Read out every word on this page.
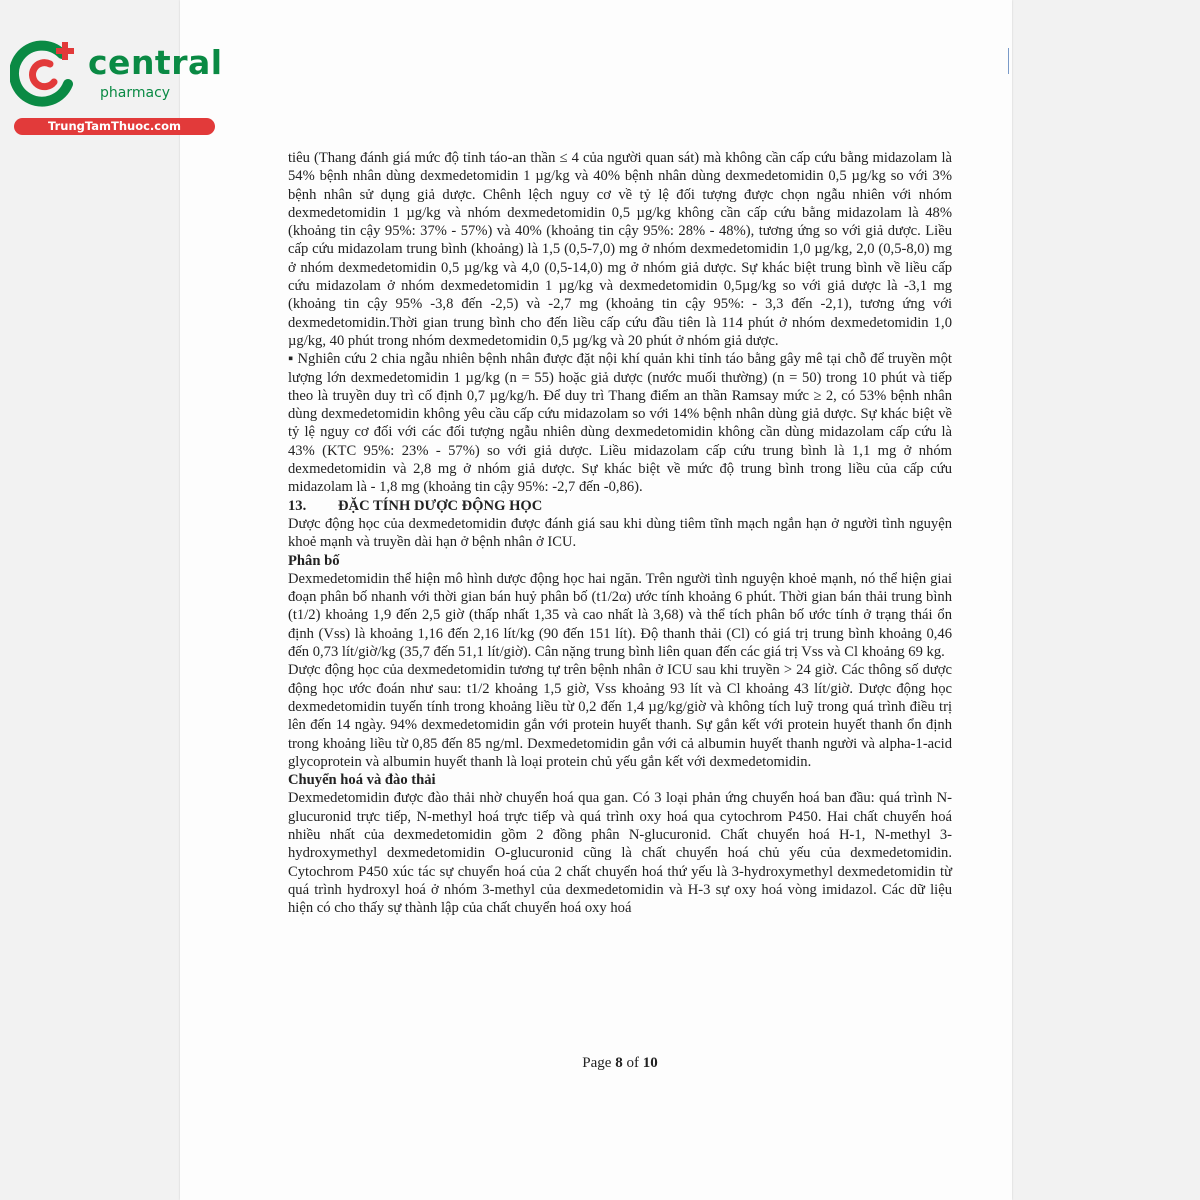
central
pharmacy
TrungTamThuoc.com

tiêu (Thang đánh giá mức độ tỉnh táo-an thần ≤ 4 của người quan sát) mà không cần cấp cứu bằng midazolam là 54% bệnh nhân dùng dexmedetomidin 1 µg/kg và 40% bệnh nhân dùng dexmedetomidin 0,5 µg/kg so với 3% bệnh nhân sử dụng giả dược. Chênh lệch nguy cơ về tỷ lệ đối tượng được chọn ngẫu nhiên với nhóm dexmedetomidin 1 µg/kg và nhóm dexmedetomidin 0,5 µg/kg không cần cấp cứu bằng midazolam là 48% (khoảng tin cậy 95%: 37% - 57%) và 40% (khoảng tin cậy 95%: 28% - 48%), tương ứng so với giả dược. Liều cấp cứu midazolam trung bình (khoảng) là 1,5 (0,5-7,0) mg ở nhóm dexmedetomidin 1,0 µg/kg, 2,0 (0,5-8,0) mg ở nhóm dexmedetomidin 0,5 µg/kg và 4,0 (0,5-14,0) mg ở nhóm giả dược. Sự khác biệt trung bình về liều cấp cứu midazolam ở nhóm dexmedetomidin 1 µg/kg và dexmedetomidin 0,5µg/kg so với giả dược là -3,1 mg (khoảng tin cậy 95% -3,8 đến -2,5) và -2,7 mg (khoảng tin cậy 95%: - 3,3 đến -2,1), tương ứng với dexmedetomidin.Thời gian trung bình cho đến liều cấp cứu đầu tiên là 114 phút ở nhóm dexmedetomidin 1,0 µg/kg, 40 phút trong nhóm dexmedetomidin 0,5 µg/kg và 20 phút ở nhóm giả dược.

▪ Nghiên cứu 2 chia ngẫu nhiên bệnh nhân được đặt nội khí quản khi tỉnh táo bằng gây mê tại chỗ để truyền một lượng lớn dexmedetomidin 1 µg/kg (n = 55) hoặc giả dược (nước muối thường) (n = 50) trong 10 phút và tiếp theo là truyền duy trì cố định 0,7 µg/kg/h. Để duy trì Thang điểm an thần Ramsay mức ≥ 2, có 53% bệnh nhân dùng dexmedetomidin không yêu cầu cấp cứu midazolam so với 14% bệnh nhân dùng giả dược. Sự khác biệt về tỷ lệ nguy cơ đối với các đối tượng ngẫu nhiên dùng dexmedetomidin không cần dùng midazolam cấp cứu là 43% (KTC 95%: 23% - 57%) so với giả dược. Liều midazolam cấp cứu trung bình là 1,1 mg ở nhóm dexmedetomidin và 2,8 mg ở nhóm giả dược. Sự khác biệt về mức độ trung bình trong liều của cấp cứu midazolam là - 1,8 mg (khoảng tin cậy 95%: -2,7 đến -0,86).

13. ĐẶC TÍNH DƯỢC ĐỘNG HỌC

Dược động học của dexmedetomidin được đánh giá sau khi dùng tiêm tĩnh mạch ngắn hạn ở người tình nguyện khoẻ mạnh và truyền dài hạn ở bệnh nhân ở ICU.

Phân bố

Dexmedetomidin thể hiện mô hình dược động học hai ngăn. Trên người tình nguyện khoẻ mạnh, nó thể hiện giai đoạn phân bố nhanh với thời gian bán huỷ phân bố (t1/2α) ước tính khoảng 6 phút. Thời gian bán thải trung bình (t1/2) khoảng 1,9 đến 2,5 giờ (thấp nhất 1,35 và cao nhất là 3,68) và thể tích phân bố ước tính ở trạng thái ổn định (Vss) là khoảng 1,16 đến 2,16 lít/kg (90 đến 151 lít). Độ thanh thải (Cl) có giá trị trung bình khoảng 0,46 đến 0,73 lít/giờ/kg (35,7 đến 51,1 lít/giờ). Cân nặng trung bình liên quan đến các giá trị Vss và Cl khoảng 69 kg.

Dược động học của dexmedetomidin tương tự trên bệnh nhân ở ICU sau khi truyền > 24 giờ. Các thông số dược động học ước đoán như sau: t1/2 khoảng 1,5 giờ, Vss khoảng 93 lít và Cl khoảng 43 lít/giờ. Dược động học dexmedetomidin tuyến tính trong khoảng liều từ 0,2 đến 1,4 µg/kg/giờ và không tích luỹ trong quá trình điều trị lên đến 14 ngày. 94% dexmedetomidin gắn với protein huyết thanh. Sự gắn kết với protein huyết thanh ổn định trong khoảng liều từ 0,85 đến 85 ng/ml. Dexmedetomidin gắn với cả albumin huyết thanh người và alpha-1-acid glycoprotein và albumin huyết thanh là loại protein chủ yếu gắn kết với dexmedetomidin.

Chuyển hoá và đào thải

Dexmedetomidin được đào thải nhờ chuyển hoá qua gan. Có 3 loại phản ứng chuyển hoá ban đầu: quá trình N-glucuronid trực tiếp, N-methyl hoá trực tiếp và quá trình oxy hoá qua cytochrom P450. Hai chất chuyển hoá nhiều nhất của dexmedetomidin gồm 2 đồng phân N-glucuronid. Chất chuyển hoá H-1, N-methyl 3-hydroxymethyl dexmedetomidin O-glucuronid cũng là chất chuyển hoá chủ yếu của dexmedetomidin. Cytochrom P450 xúc tác sự chuyển hoá của 2 chất chuyển hoá thứ yếu là 3-hydroxymethyl dexmedetomidin từ quá trình hydroxyl hoá ở nhóm 3-methyl của dexmedetomidin và H-3 sự oxy hoá vòng imidazol. Các dữ liệu hiện có cho thấy sự thành lập của chất chuyển hoá oxy hoá

Page 8 of 10
